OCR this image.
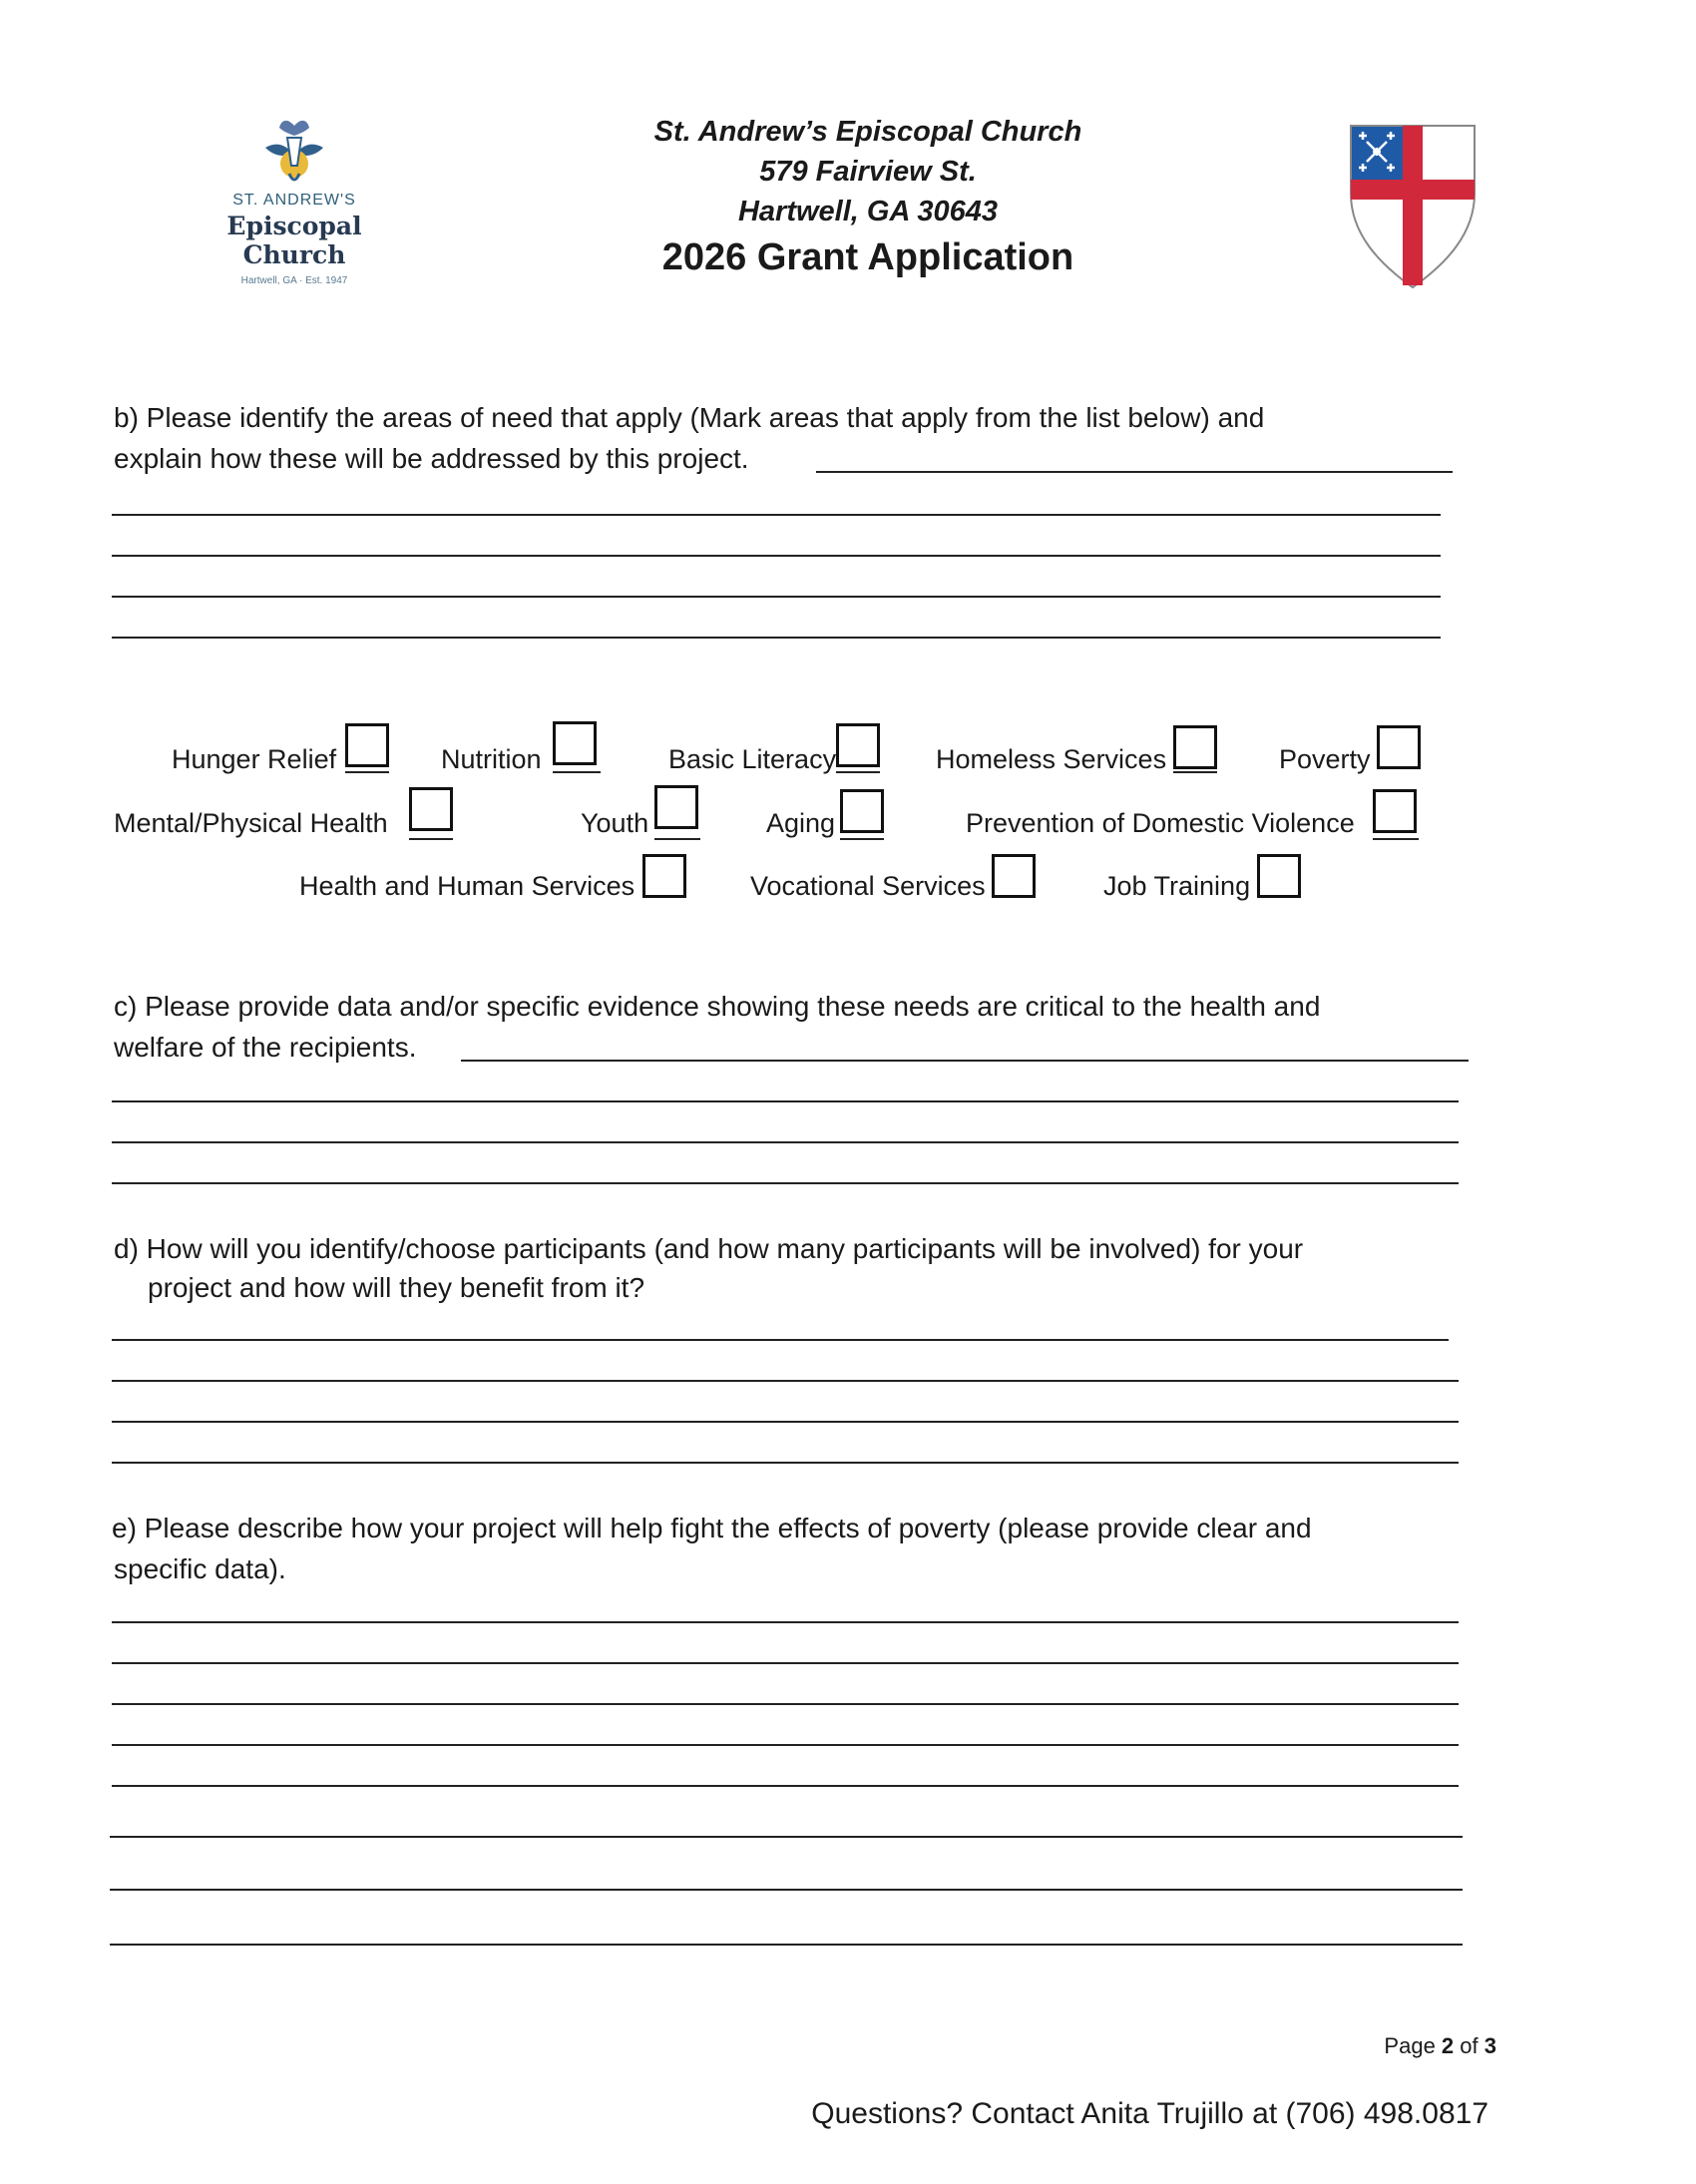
ST. ANDREW'S
Episcopal Church
Hartwell, GA · Est. 1947
St. Andrew’s Episcopal Church
579 Fairview St.
Hartwell, GA 30643
2026 Grant Application
b) Please identify the areas of need that apply (Mark areas that apply from the list below) and
explain how these will be addressed by this project.
Hunger Relief	Nutrition	Basic Literacy	Homeless Services	Poverty
Mental/Physical Health	Youth	Aging	Prevention of Domestic Violence
Health and Human Services	Vocational Services	Job Training
c) Please provide data and/or specific evidence showing these needs are critical to the health and
welfare of the recipients.
d) How will you identify/choose participants (and how many participants will be involved) for your
project and how will they benefit from it?
e) Please describe how your project will help fight the effects of poverty (please provide clear and
specific data).
Page 2 of 3
Questions? Contact Anita Trujillo at (706) 498.0817
